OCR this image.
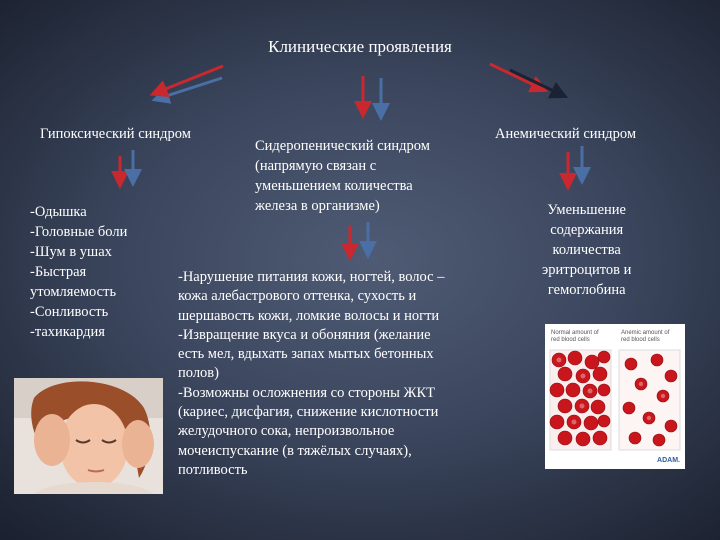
Клинические проявления
Гипоксический синдром
Сидеропенический синдром
(напрямую связан с
уменьшением количества
железа в организме)
Анемический синдром
-Одышка
-Головные боли
-Шум в ушах
-Быстрая
утомляемость
-Сонливость
-тахикардия
-Нарушение питания кожи, ногтей, волос –
кожа алебастрового оттенка, сухость и
шершавость кожи, ломкие волосы и ногти
-Извращение вкуса и обоняния (желание
есть мел, вдыхать запах мытых бетонных
полов)
-Возможны осложнения со стороны ЖКТ
(кариес, дисфагия, снижение кислотности
желудочного сока, непроизвольное
мочеиспускание (в тяжёлых случаях),
потливость
Уменьшение
содержания
количества
эритроцитов и
гемоглобина
Normal amount of red blood cells
Anemic amount of red blood cells
ADAM.
